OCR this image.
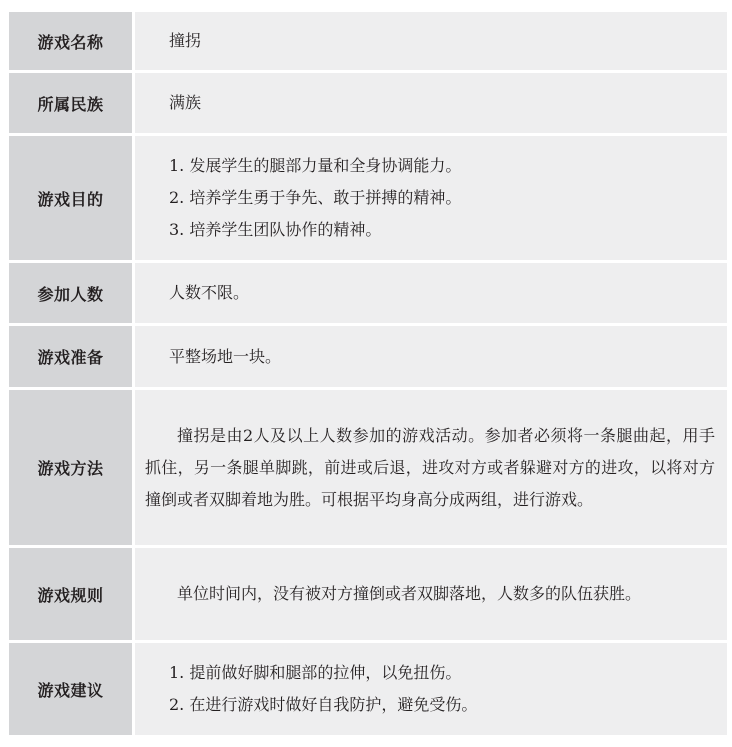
游戏名称		撞拐
所属民族		满族
游戏目的		1. 发展学生的腿部力量和全身协调能力。
2. 培养学生勇于争先、敢于拼搏的精神。
3. 培养学生团队协作的精神。

参加人数		人数不限。
游戏准备		平整场地一块。
游戏方法		撞拐是由2人及以上人数参加的游戏活动。参加者必须将一条腿曲起，用手抓住，另一条腿单脚跳，前进或后退，进攻对方或者躲避对方的进攻，以将对方撞倒或者双脚着地为胜。可根据平均身高分成两组，进行游戏。
游戏规则		单位时间内，没有被对方撞倒或者双脚落地，人数多的队伍获胜。
游戏建议		1. 提前做好脚和腿部的拉伸，以免扭伤。
2. 在进行游戏时做好自我防护，避免受伤。
